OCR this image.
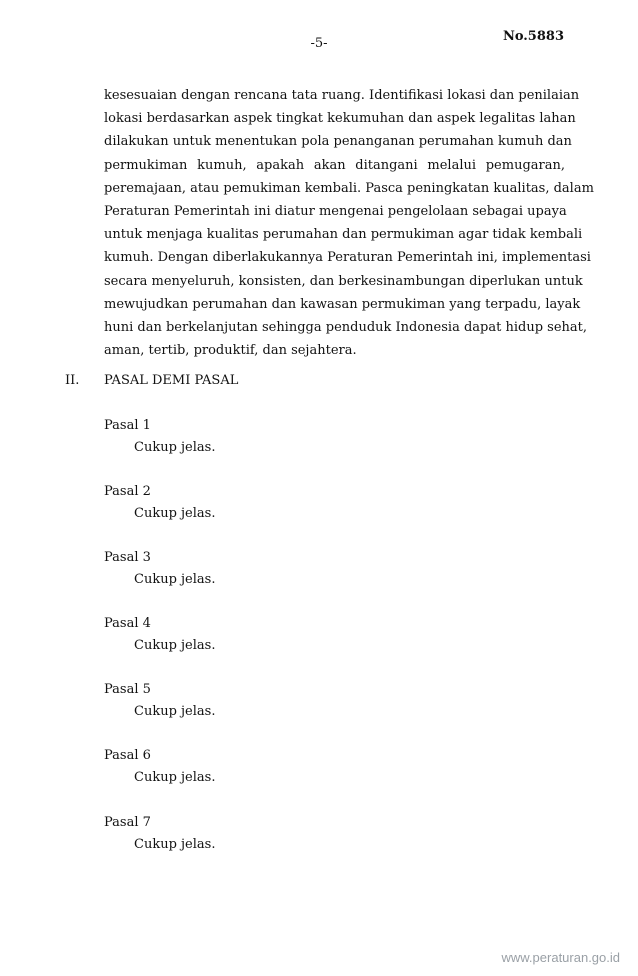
-5-	No.5883
kesesuaian dengan rencana tata ruang. Identifikasi lokasi dan penilaian
lokasi berdasarkan aspek tingkat kekumuhan dan aspek legalitas lahan
dilakukan untuk menentukan pola penanganan perumahan kumuh dan
permukiman kumuh, apakah akan ditangani melalui pemugaran,
peremajaan, atau pemukiman kembali. Pasca peningkatan kualitas, dalam
Peraturan Pemerintah ini diatur mengenai pengelolaan sebagai upaya
untuk menjaga kualitas perumahan dan permukiman agar tidak kembali
kumuh. Dengan diberlakukannya Peraturan Pemerintah ini, implementasi
secara menyeluruh, konsisten, dan berkesinambungan diperlukan untuk
mewujudkan perumahan dan kawasan permukiman yang terpadu, layak
huni dan berkelanjutan sehingga penduduk Indonesia dapat hidup sehat,
aman, tertib, produktif, dan sejahtera.
II. PASAL DEMI PASAL
Pasal 1
Cukup jelas.
Pasal 2
Cukup jelas.
Pasal 3
Cukup jelas.
Pasal 4
Cukup jelas.
Pasal 5
Cukup jelas.
Pasal 6
Cukup jelas.
Pasal 7
Cukup jelas.
www.peraturan.go.id
